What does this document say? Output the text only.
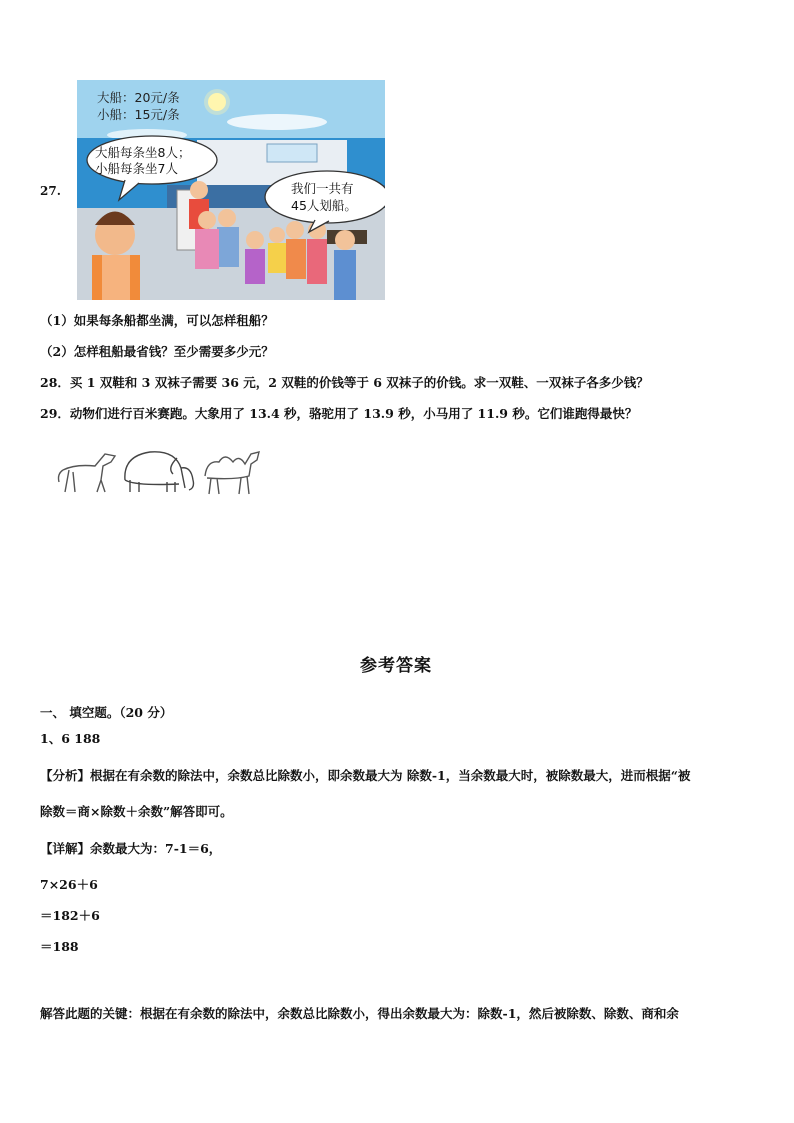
27.
大船：20元/条
小船：15元/条
大船每条坐8人；
小船每条坐7人
我们一共有
45人划船。
（1）如果每条船都坐满，可以怎样租船？
（2）怎样租船最省钱？至少需要多少元？
28．买 1 双鞋和 3 双袜子需要 36 元，2 双鞋的价钱等于 6 双袜子的价钱。求一双鞋、一双袜子各多少钱？
29．动物们进行百米赛跑。大象用了 13.4 秒，骆驼用了 13.9 秒，小马用了 11.9 秒。它们谁跑得最快？
参考答案
一、 填空题。（20 分）
1、6 188
【分析】根据在有余数的除法中，余数总比除数小，即余数最大为 除数-1，当余数最大时，被除数最大，进而根据“被
除数＝商×除数＋余数”解答即可。
【详解】余数最大为：7-1＝6，
7×26＋6
＝182＋6
＝188
解答此题的关键：根据在有余数的除法中，余数总比除数小，得出余数最大为：除数-1，然后被除数、除数、商和余
